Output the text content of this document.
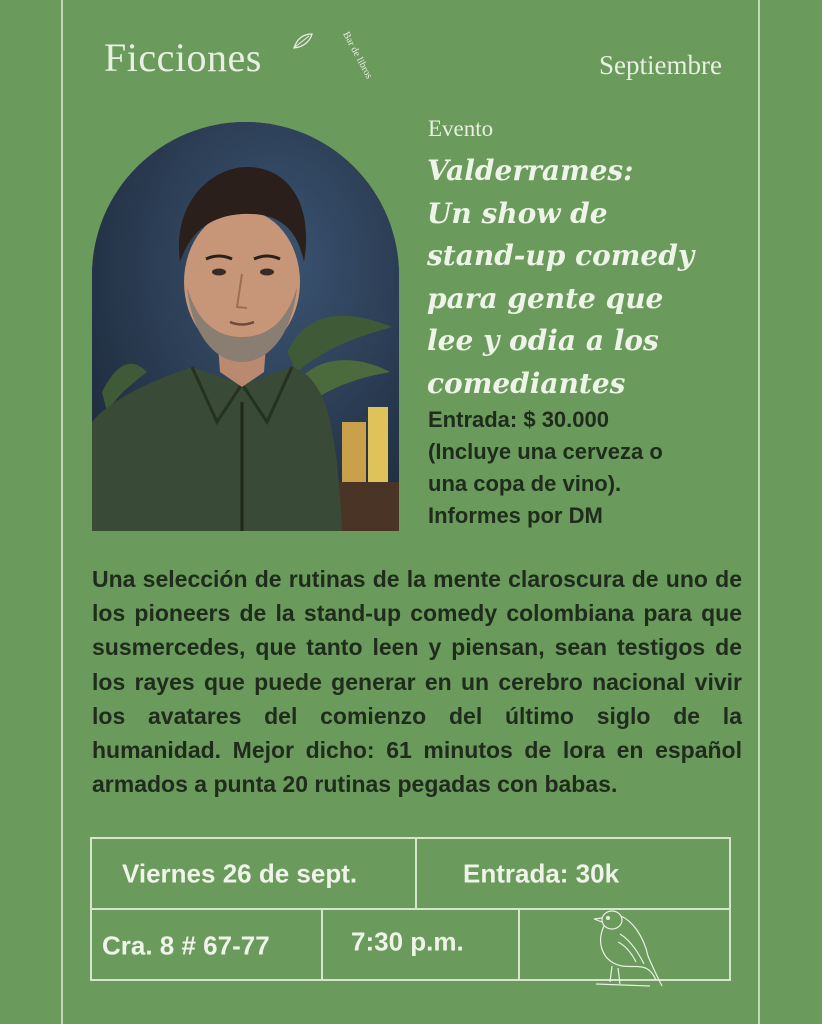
Ficciones	Bar de libros	Septiembre
Evento
Valderrames:
Un show de
stand-up comedy
para gente que
lee y odia a los
comediantes
Entrada: $ 30.000
(Incluye una cerveza o
una copa de vino).
Informes por DM
Una selección de rutinas de la mente claroscura de uno de los pioneers de la stand-up comedy colombiana para que susmercedes, que tanto leen y piensan, sean testigos de los rayes que puede generar en un cerebro nacional vivir los avatares del comienzo del último siglo de la humanidad. Mejor dicho: 61 minutos de lora en español armados a punta 20 rutinas pegadas con babas.
Viernes 26 de sept.	Entrada: 30k
Cra. 8 # 67-77	7:30 p.m.
